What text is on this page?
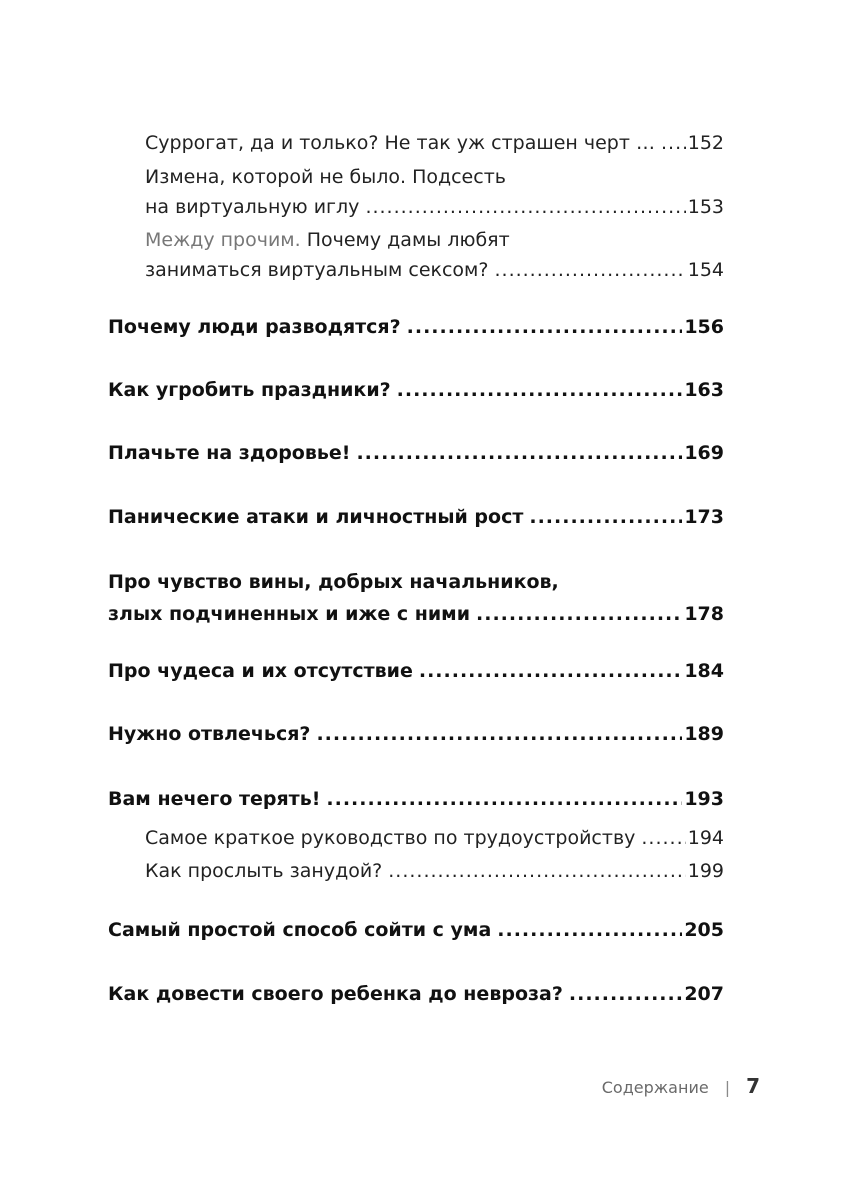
Суррогат, да и только? Не так уж страшен черт … ..... 152
Измена, которой не было. Подсесть
на виртуальную иглу .....	153
Между прочим. Почему дамы любят
заниматься виртуальным сексом? .....	154
Почему люди разводятся? .....	156
Как угробить праздники? .....	163
Плачьте на здоровье! .....	169
Панические атаки и личностный рост .....	173
Про чувство вины, добрых начальников,
злых подчиненных и иже с ними .....	178
Про чудеса и их отсутствие .....	184
Нужно отвлечься? .....	189
Вам нечего терять! .....	193
Самое краткое руководство по трудоустройству .....	194
Как прослыть занудой? .....	199
Самый простой способ сойти с ума .....	205
Как довести своего ребенка до невроза? .....	207
Содержание | 7
